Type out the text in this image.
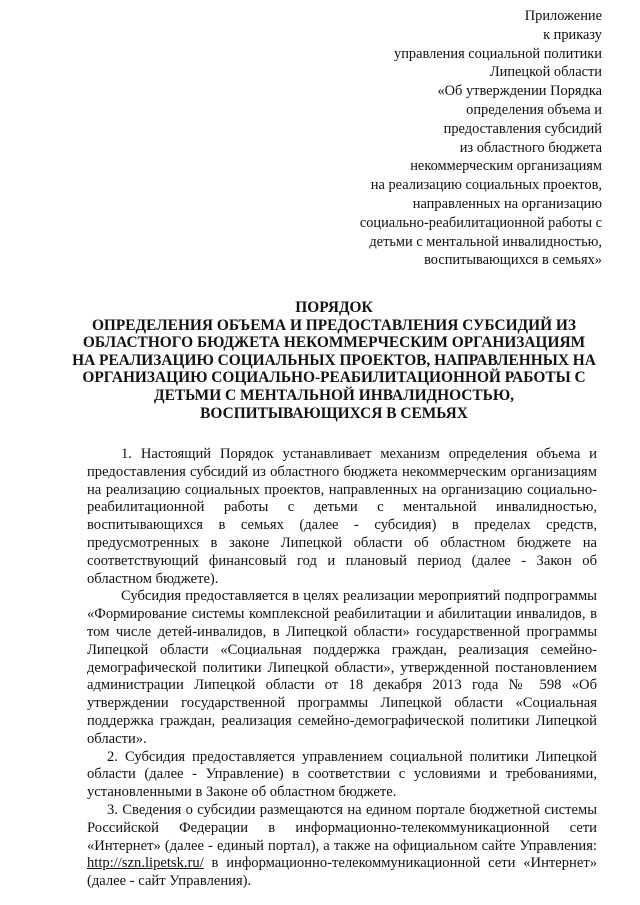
Приложение
к приказу
управления социальной политики
Липецкой области
«Об утверждении Порядка
определения объема и
предоставления субсидий
из областного бюджета
некоммерческим организациям
на реализацию социальных проектов,
направленных на организацию
социально-реабилитационной работы с
детьми с ментальной инвалидностью,
воспитывающихся в семьях»
ПОРЯДОК
ОПРЕДЕЛЕНИЯ ОБЪЕМА И ПРЕДОСТАВЛЕНИЯ СУБСИДИЙ ИЗ
ОБЛАСТНОГО БЮДЖЕТА НЕКОММЕРЧЕСКИМ ОРГАНИЗАЦИЯМ
НА РЕАЛИЗАЦИЮ СОЦИАЛЬНЫХ ПРОЕКТОВ, НАПРАВЛЕННЫХ НА
ОРГАНИЗАЦИЮ СОЦИАЛЬНО-РЕАБИЛИТАЦИОННОЙ РАБОТЫ С
ДЕТЬМИ С МЕНТАЛЬНОЙ ИНВАЛИДНОСТЬЮ,
ВОСПИТЫВАЮЩИХСЯ В СЕМЬЯХ

1. Настоящий Порядок устанавливает механизм определения объема и предоставления субсидий из областного бюджета некоммерческим организациям на реализацию социальных проектов, направленных на организацию социально-реабилитационной работы с детьми с ментальной инвалидностью, воспитывающихся в семьях (далее - субсидия) в пределах средств, предусмотренных в законе Липецкой области об областном бюджете на соответствующий финансовый год и плановый период (далее - Закон об областном бюджете).

Субсидия предоставляется в целях реализации мероприятий подпрограммы «Формирование системы комплексной реабилитации и абилитации инвалидов, в том числе детей-инвалидов, в Липецкой области» государственной программы Липецкой области «Социальная поддержка граждан, реализация семейно-демографической политики Липецкой области», утвержденной постановлением администрации Липецкой области от 18 декабря 2013 года № 598 «Об утверждении государственной программы Липецкой области «Социальная поддержка граждан, реализация семейно-демографической политики Липецкой области».

2. Субсидия предоставляется управлением социальной политики Липецкой области (далее - Управление) в соответствии с условиями и требованиями, установленными в Законе об областном бюджете.

3. Сведения о субсидии размещаются на едином портале бюджетной системы Российской Федерации в информационно-телекоммуникационной сети «Интернет» (далее - единый портал), а также на официальном сайте Управления: http://szn.lipetsk.ru/ в информационно-телекоммуникационной сети «Интернет» (далее - сайт Управления).
